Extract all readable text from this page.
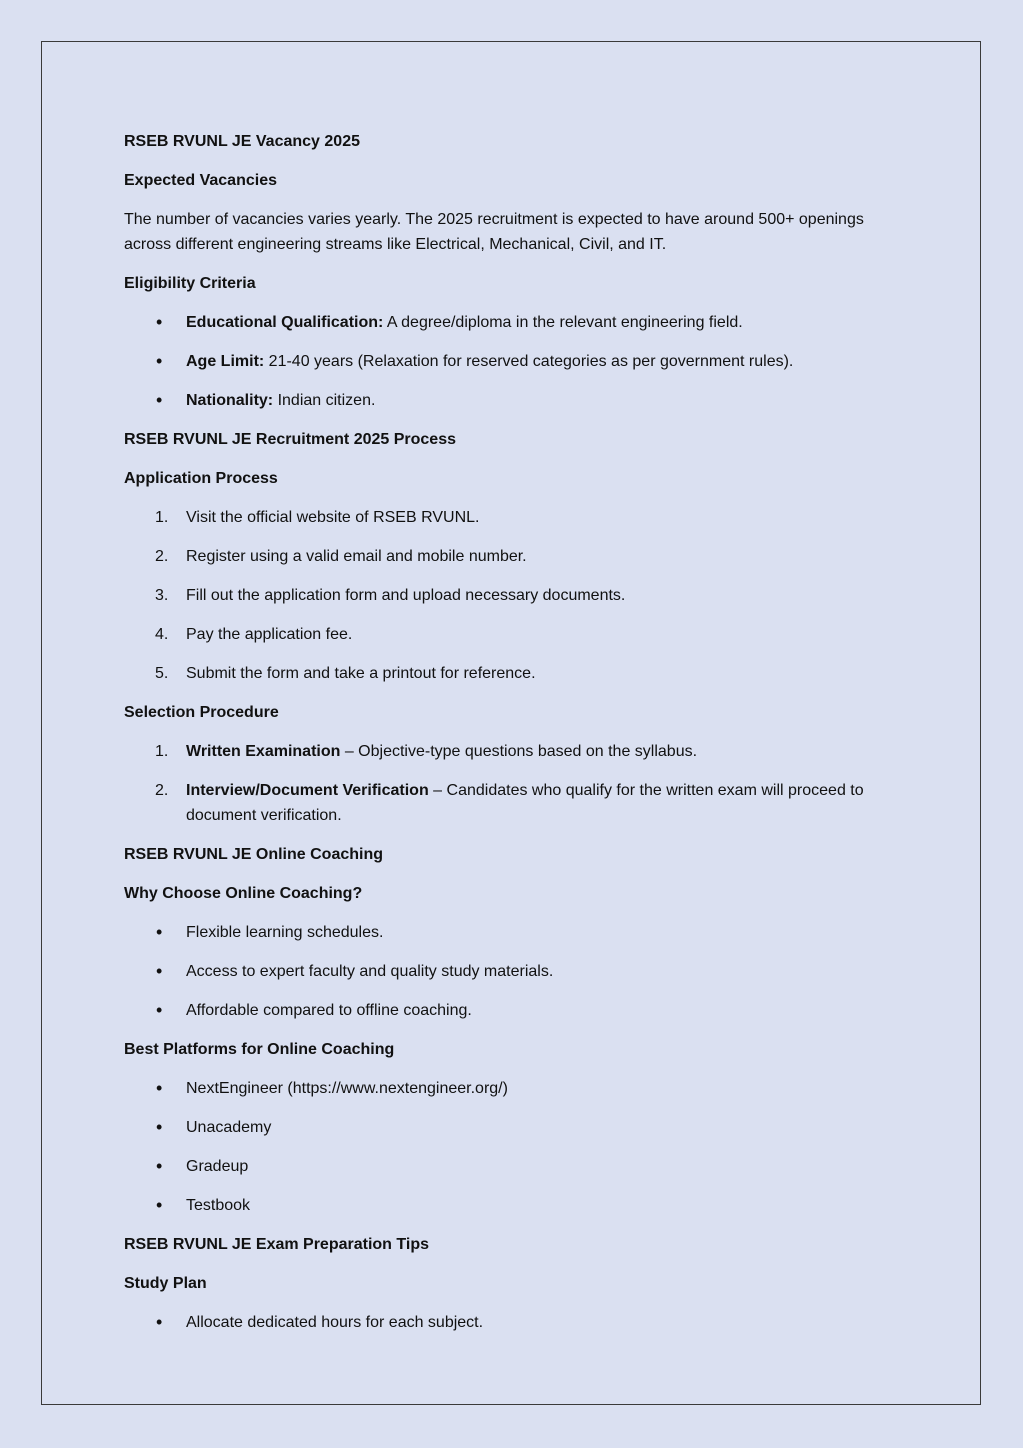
RSEB RVUNL JE Vacancy 2025
Expected Vacancies
The number of vacancies varies yearly. The 2025 recruitment is expected to have around 500+ openings across different engineering streams like Electrical, Mechanical, Civil, and IT.
Eligibility Criteria
• Educational Qualification: A degree/diploma in the relevant engineering field.
• Age Limit: 21-40 years (Relaxation for reserved categories as per government rules).
• Nationality: Indian citizen.
RSEB RVUNL JE Recruitment 2025 Process
Application Process
1. Visit the official website of RSEB RVUNL.
2. Register using a valid email and mobile number.
3. Fill out the application form and upload necessary documents.
4. Pay the application fee.
5. Submit the form and take a printout for reference.
Selection Procedure
1. Written Examination – Objective-type questions based on the syllabus.
2. Interview/Document Verification – Candidates who qualify for the written exam will proceed to document verification.
RSEB RVUNL JE Online Coaching
Why Choose Online Coaching?
• Flexible learning schedules.
• Access to expert faculty and quality study materials.
• Affordable compared to offline coaching.
Best Platforms for Online Coaching
• NextEngineer (https://www.nextengineer.org/)
• Unacademy
• Gradeup
• Testbook
RSEB RVUNL JE Exam Preparation Tips
Study Plan
• Allocate dedicated hours for each subject.
